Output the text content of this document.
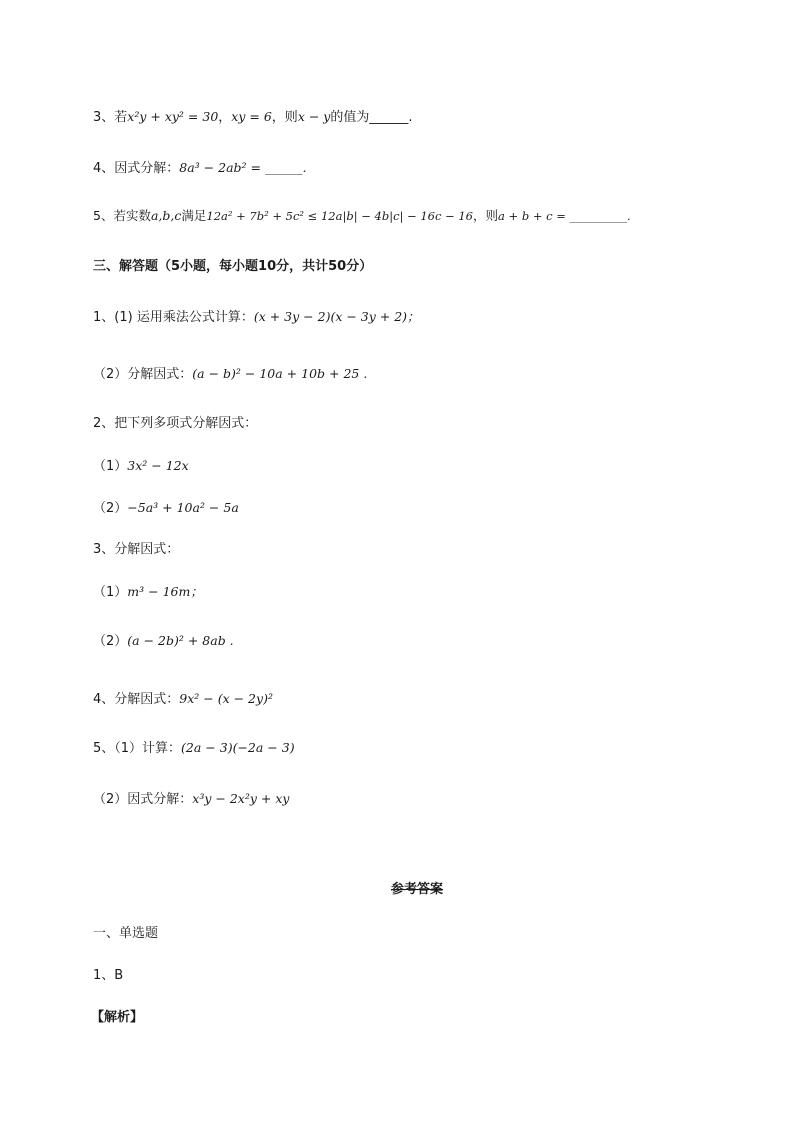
3、若x²y + xy² = 30，xy = 6，则x − y的值为______.
4、因式分解：8a³ − 2ab² = ______.
5、若实数a,b,c满足12a² + 7b² + 5c² ≤ 12a|b| − 4b|c| − 16c − 16，则a + b + c = __________.
三、解答题（5小题，每小题10分，共计50分）
1、(1) 运用乘法公式计算：(x + 3y − 2)(x − 3y + 2)；
（2）分解因式：(a − b)² − 10a + 10b + 25 .
2、把下列多项式分解因式：
（1）3x² − 12x
（2）−5a³ + 10a² − 5a
3、分解因式：
（1）m³ − 16m；
（2）(a − 2b)² + 8ab .
4、分解因式：9x² − (x − 2y)²
5、（1）计算：(2a − 3)(−2a − 3)
（2）因式分解：x³y − 2x²y + xy
参考答案
一、单选题
1、B
【解析】
